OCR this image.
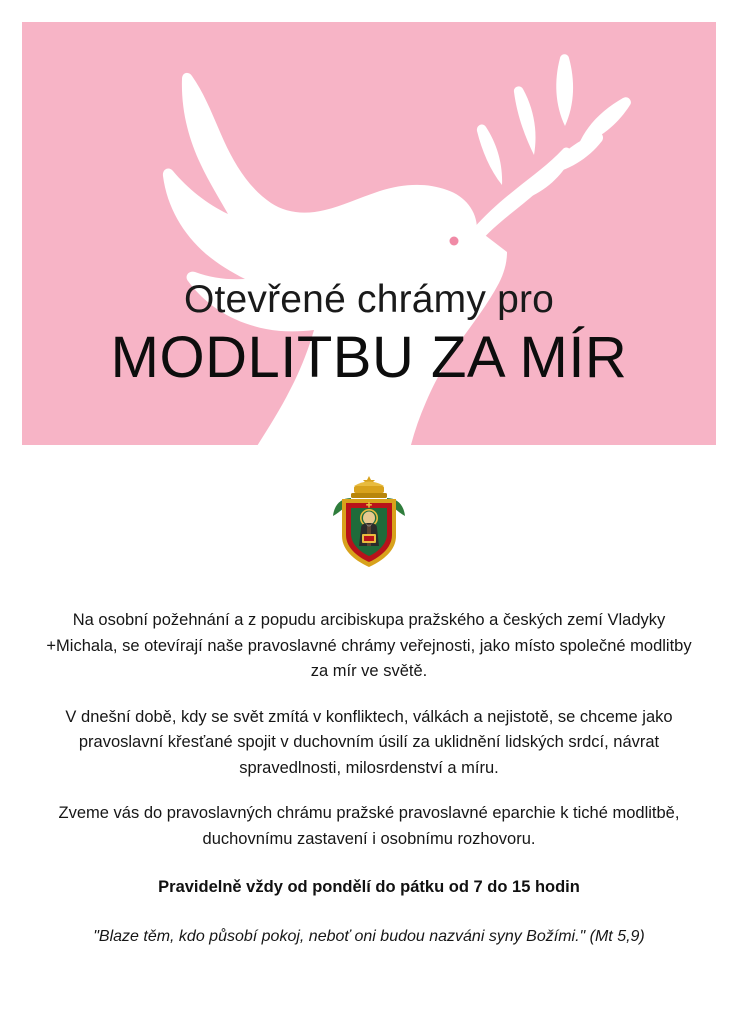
Otevřené chrámy pro
MODLITBU ZA MÍR

Na osobní požehnání a z popudu arcibiskupa pražského a českých zemí Vladyky +Michala, se otevírají naše pravoslavné chrámy veřejnosti, jako místo společné modlitby za mír ve světě.

V dnešní době, kdy se svět zmítá v konfliktech, válkách a nejistotě, se chceme jako pravoslavní křesťané spojit v duchovním úsilí za uklidnění lidských srdcí, návrat spravedlnosti, milosrdenství a míru.

Zveme vás do pravoslavných chrámu pražské pravoslavné eparchie k tiché modlitbě, duchovnímu zastavení i osobnímu rozhovoru.

Pravidelně vždy od pondělí do pátku od 7 do 15 hodin

"Blaze těm, kdo působí pokoj, neboť oni budou nazváni syny Božími." (Mt 5,9)
